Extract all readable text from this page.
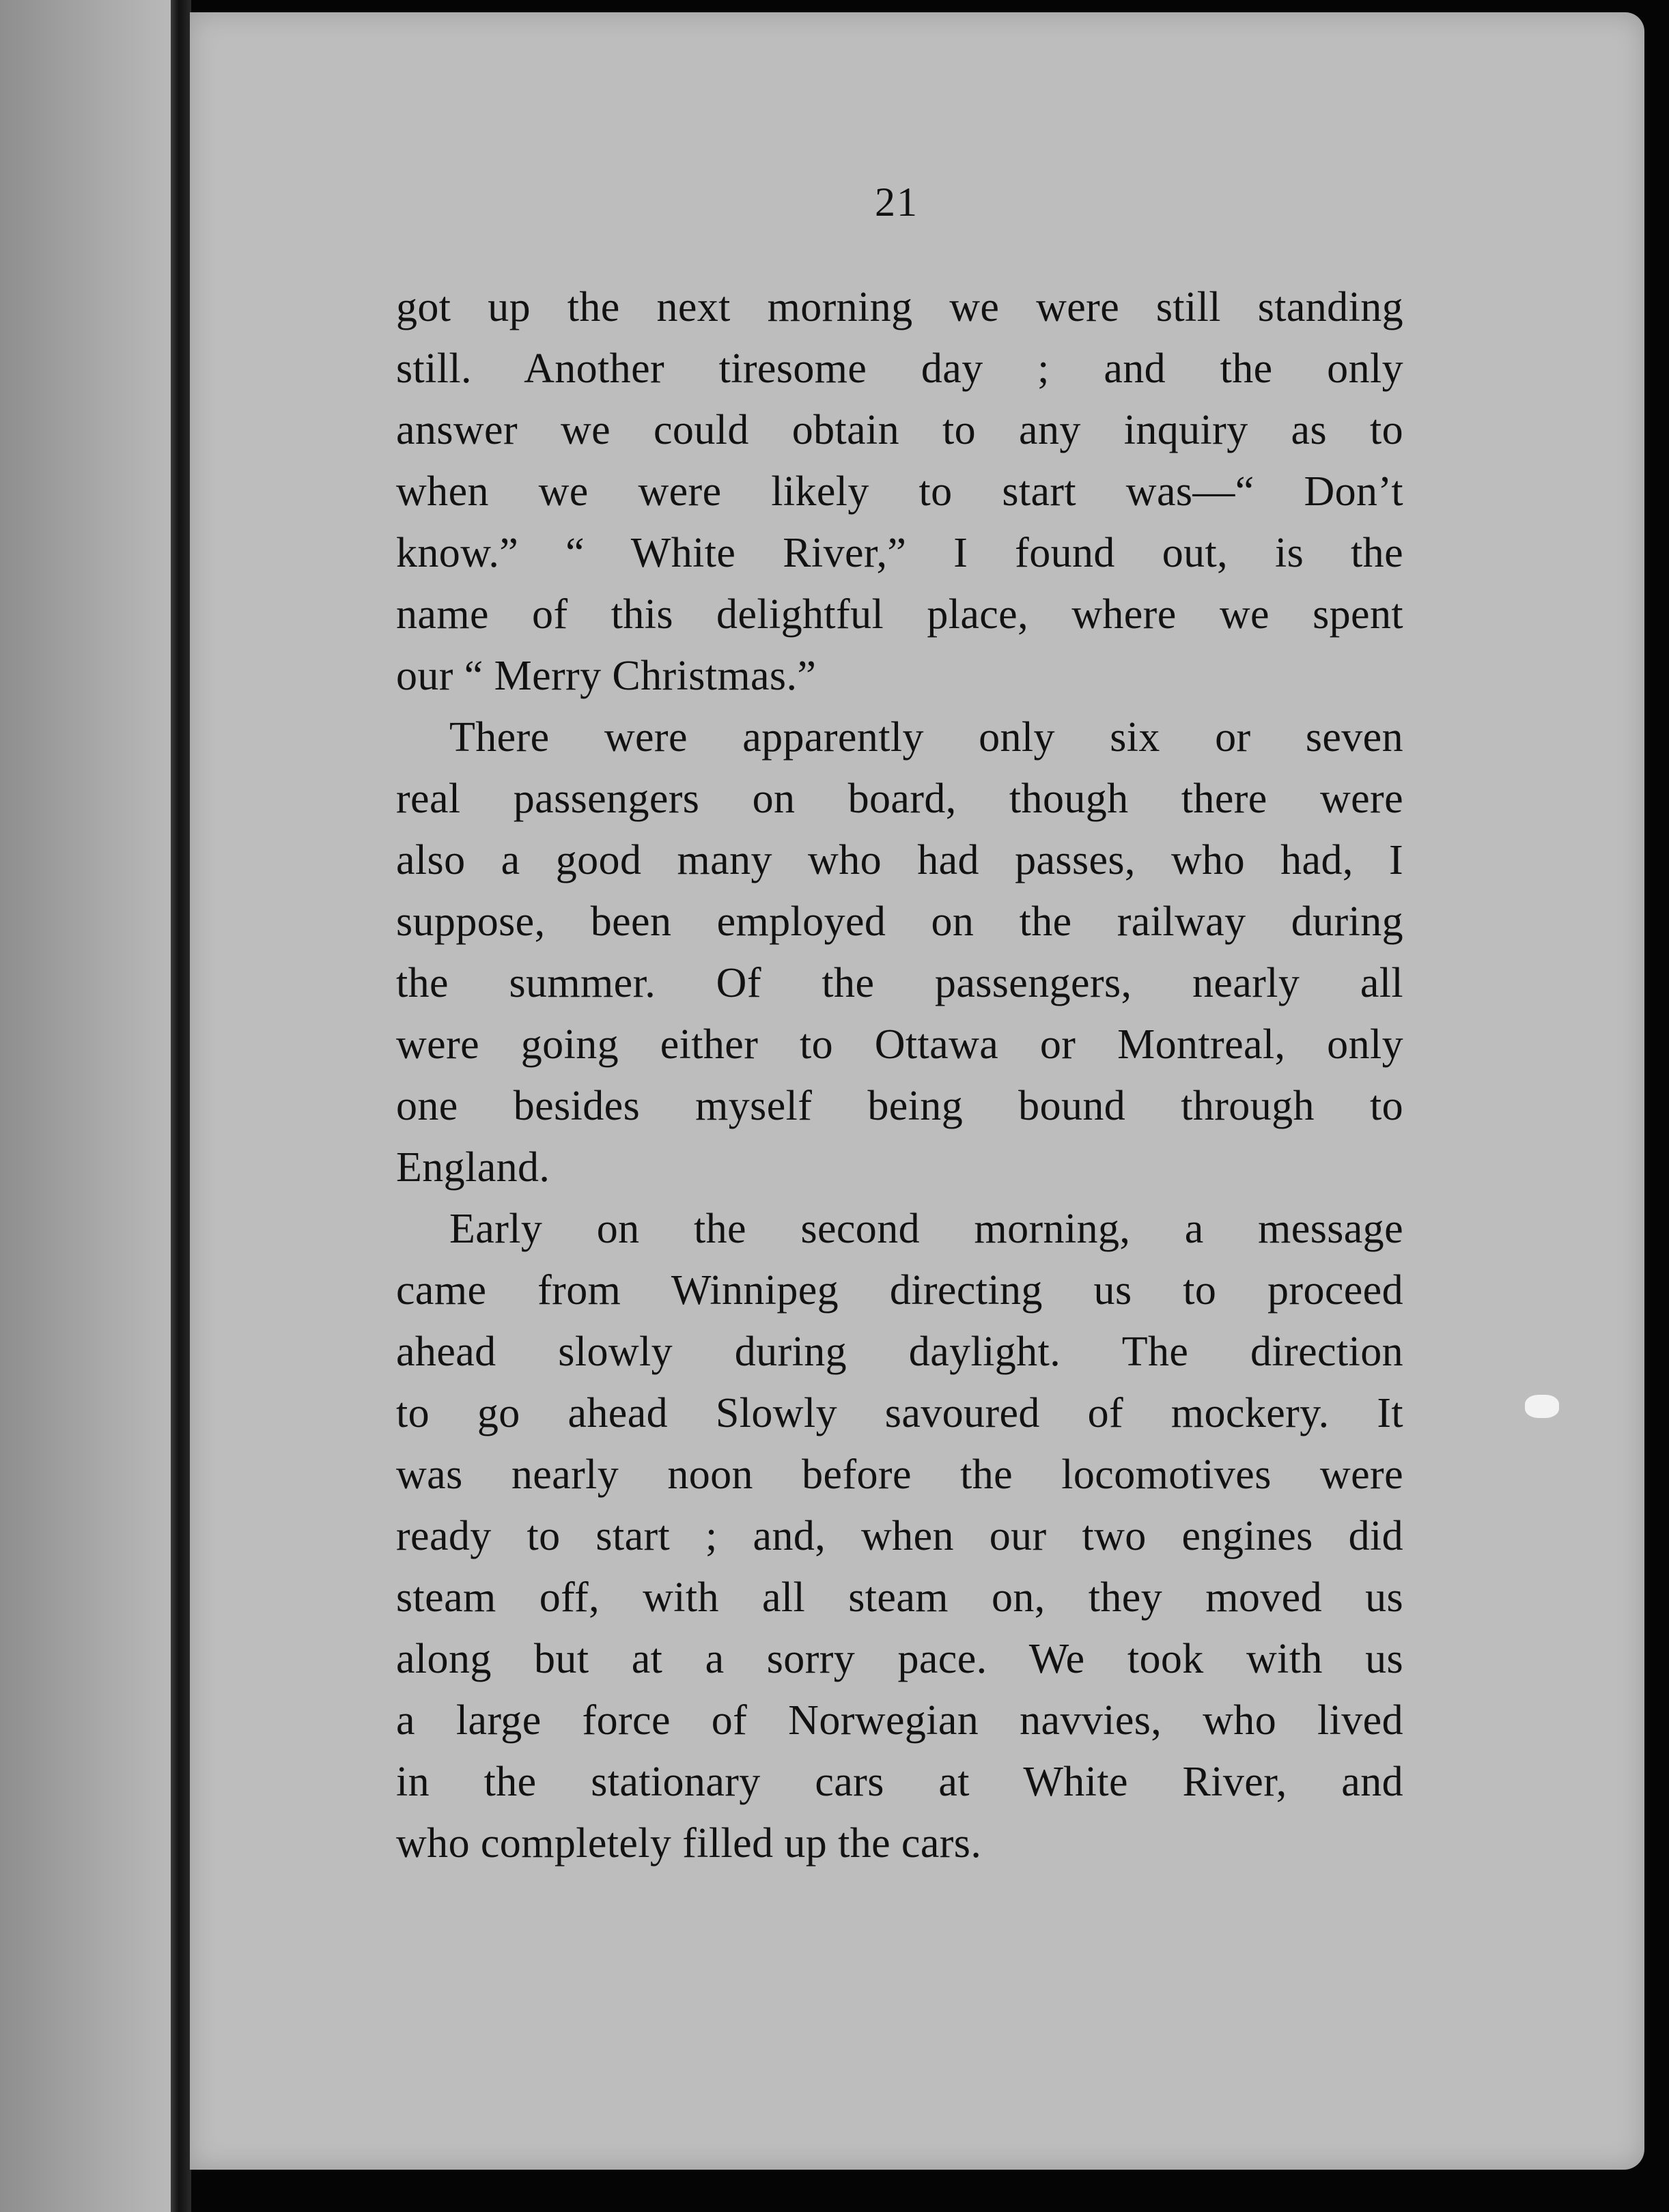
21

got up the next morning we were still standing
still. Another tiresome day ; and the only
answer we could obtain to any inquiry as to
when we were likely to start was—“ Don’t
know.” “ White River,” I found out, is the
name of this delightful place, where we spent
our “ Merry Christmas.”

There were apparently only six or seven
real passengers on board, though there were
also a good many who had passes, who had, I
suppose, been employed on the railway during
the summer. Of the passengers, nearly all
were going either to Ottawa or Montreal, only
one besides myself being bound through to
England.

Early on the second morning, a message
came from Winnipeg directing us to proceed
ahead slowly during daylight. The direction
to go ahead Slowly savoured of mockery. It
was nearly noon before the locomotives were
ready to start ; and, when our two engines did
steam off, with all steam on, they moved us
along but at a sorry pace. We took with us
a large force of Norwegian navvies, who lived
in the stationary cars at White River, and
who completely filled up the cars.
